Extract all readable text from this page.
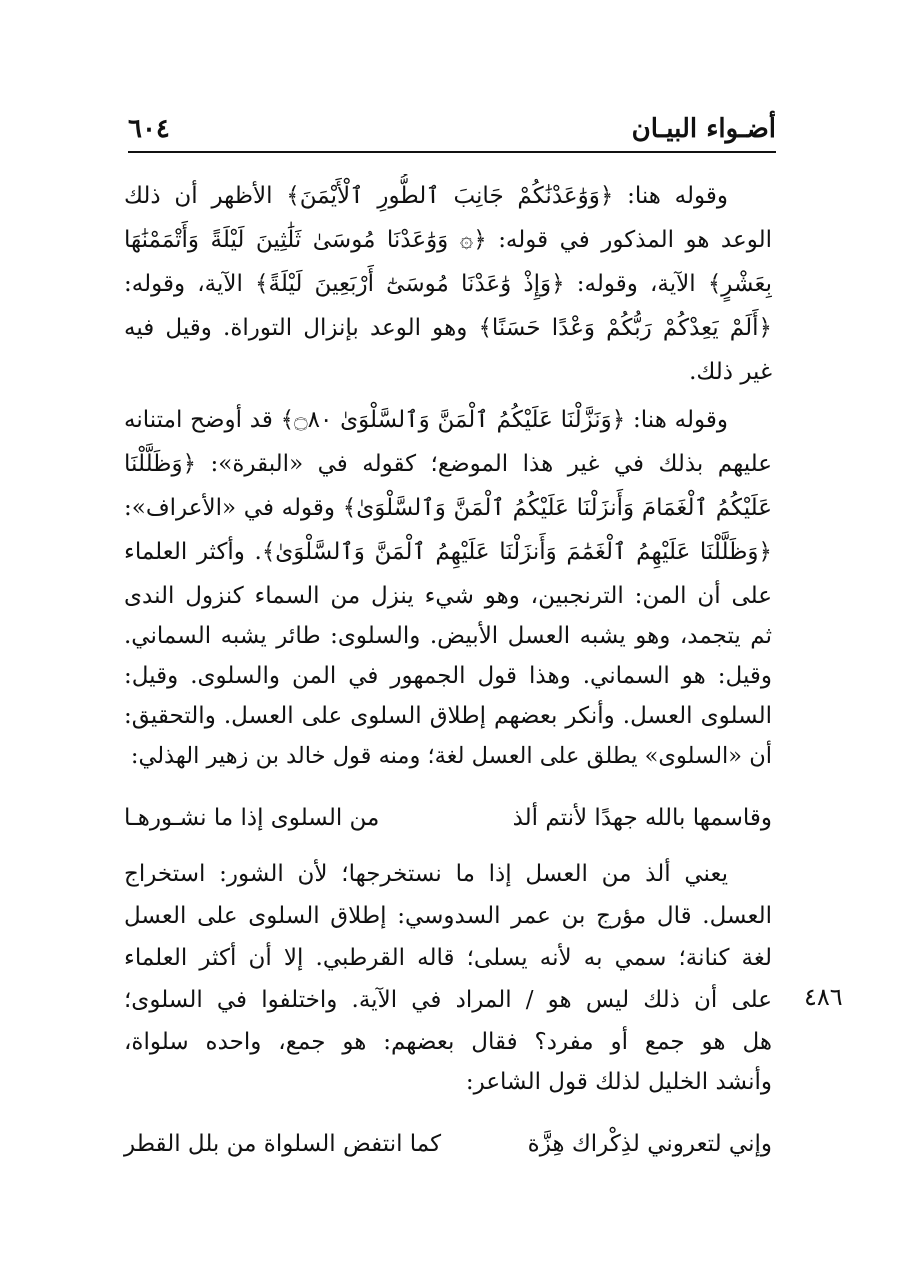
أضـواء البيـان
٦٠٤
وقوله هنا: ﴿وَوَٰعَدْنَٰكُمْ جَانِبَ ٱلطُّورِ ٱلْأَيْمَنَ﴾ الأظهر أن ذلك
الوعد هو المذكور في قوله: ﴿۞ وَوَٰعَدْنَا مُوسَىٰ ثَلَٰثِينَ لَيْلَةً وَأَتْمَمْنَٰهَا
بِعَشْرٍ﴾ الآية، وقوله: ﴿وَإِذْ وَٰعَدْنَا مُوسَىٰٓ أَرْبَعِينَ لَيْلَةً﴾ الآية، وقوله:
﴿أَلَمْ يَعِدْكُمْ رَبُّكُمْ وَعْدًا حَسَنًا﴾ وهو الوعد بإنزال التوراة. وقيل فيه
غير ذلك.
وقوله هنا: ﴿وَنَزَّلْنَا عَلَيْكُمُ ٱلْمَنَّ وَٱلسَّلْوَىٰ ۝٨٠﴾ قد أوضح امتنانه
عليهم بذلك في غير هذا الموضع؛ كقوله في «البقرة»: ﴿وَظَلَّلْنَا
عَلَيْكُمُ ٱلْغَمَامَ وَأَنزَلْنَا عَلَيْكُمُ ٱلْمَنَّ وَٱلسَّلْوَىٰ﴾ وقوله في «الأعراف»:
﴿وَظَلَّلْنَا عَلَيْهِمُ ٱلْغَمَٰمَ وَأَنزَلْنَا عَلَيْهِمُ ٱلْمَنَّ وَٱلسَّلْوَىٰ﴾. وأكثر العلماء
على أن المن: الترنجبين، وهو شيء ينزل من السماء كنزول الندى
ثم يتجمد، وهو يشبه العسل الأبيض. والسلوى: طائر يشبه السماني.
وقيل: هو السماني. وهذا قول الجمهور في المن والسلوى. وقيل:
السلوى العسل. وأنكر بعضهم إطلاق السلوى على العسل. والتحقيق:
أن «السلوى» يطلق على العسل لغة؛ ومنه قول خالد بن زهير الهذلي:
وقاسمها بالله جهدًا لأنتم ألذ
من السلوى إذا ما نشـورهـا
يعني ألذ من العسل إذا ما نستخرجها؛ لأن الشور: استخراج
العسل. قال مؤرج بن عمر السدوسي: إطلاق السلوى على العسل
لغة كنانة؛ سمي به لأنه يسلى؛ قاله القرطبي. إلا أن أكثر العلماء
على أن ذلك ليس هو / المراد في الآية. واختلفوا في السلوى؛
هل هو جمع أو مفرد؟ فقال بعضهم: هو جمع، واحده سلواة،
وأنشد الخليل لذلك قول الشاعر:
٤٨٦
وإني لتعروني لذِكْراك هِزَّة
كما انتفض السلواة من بلل القطر
